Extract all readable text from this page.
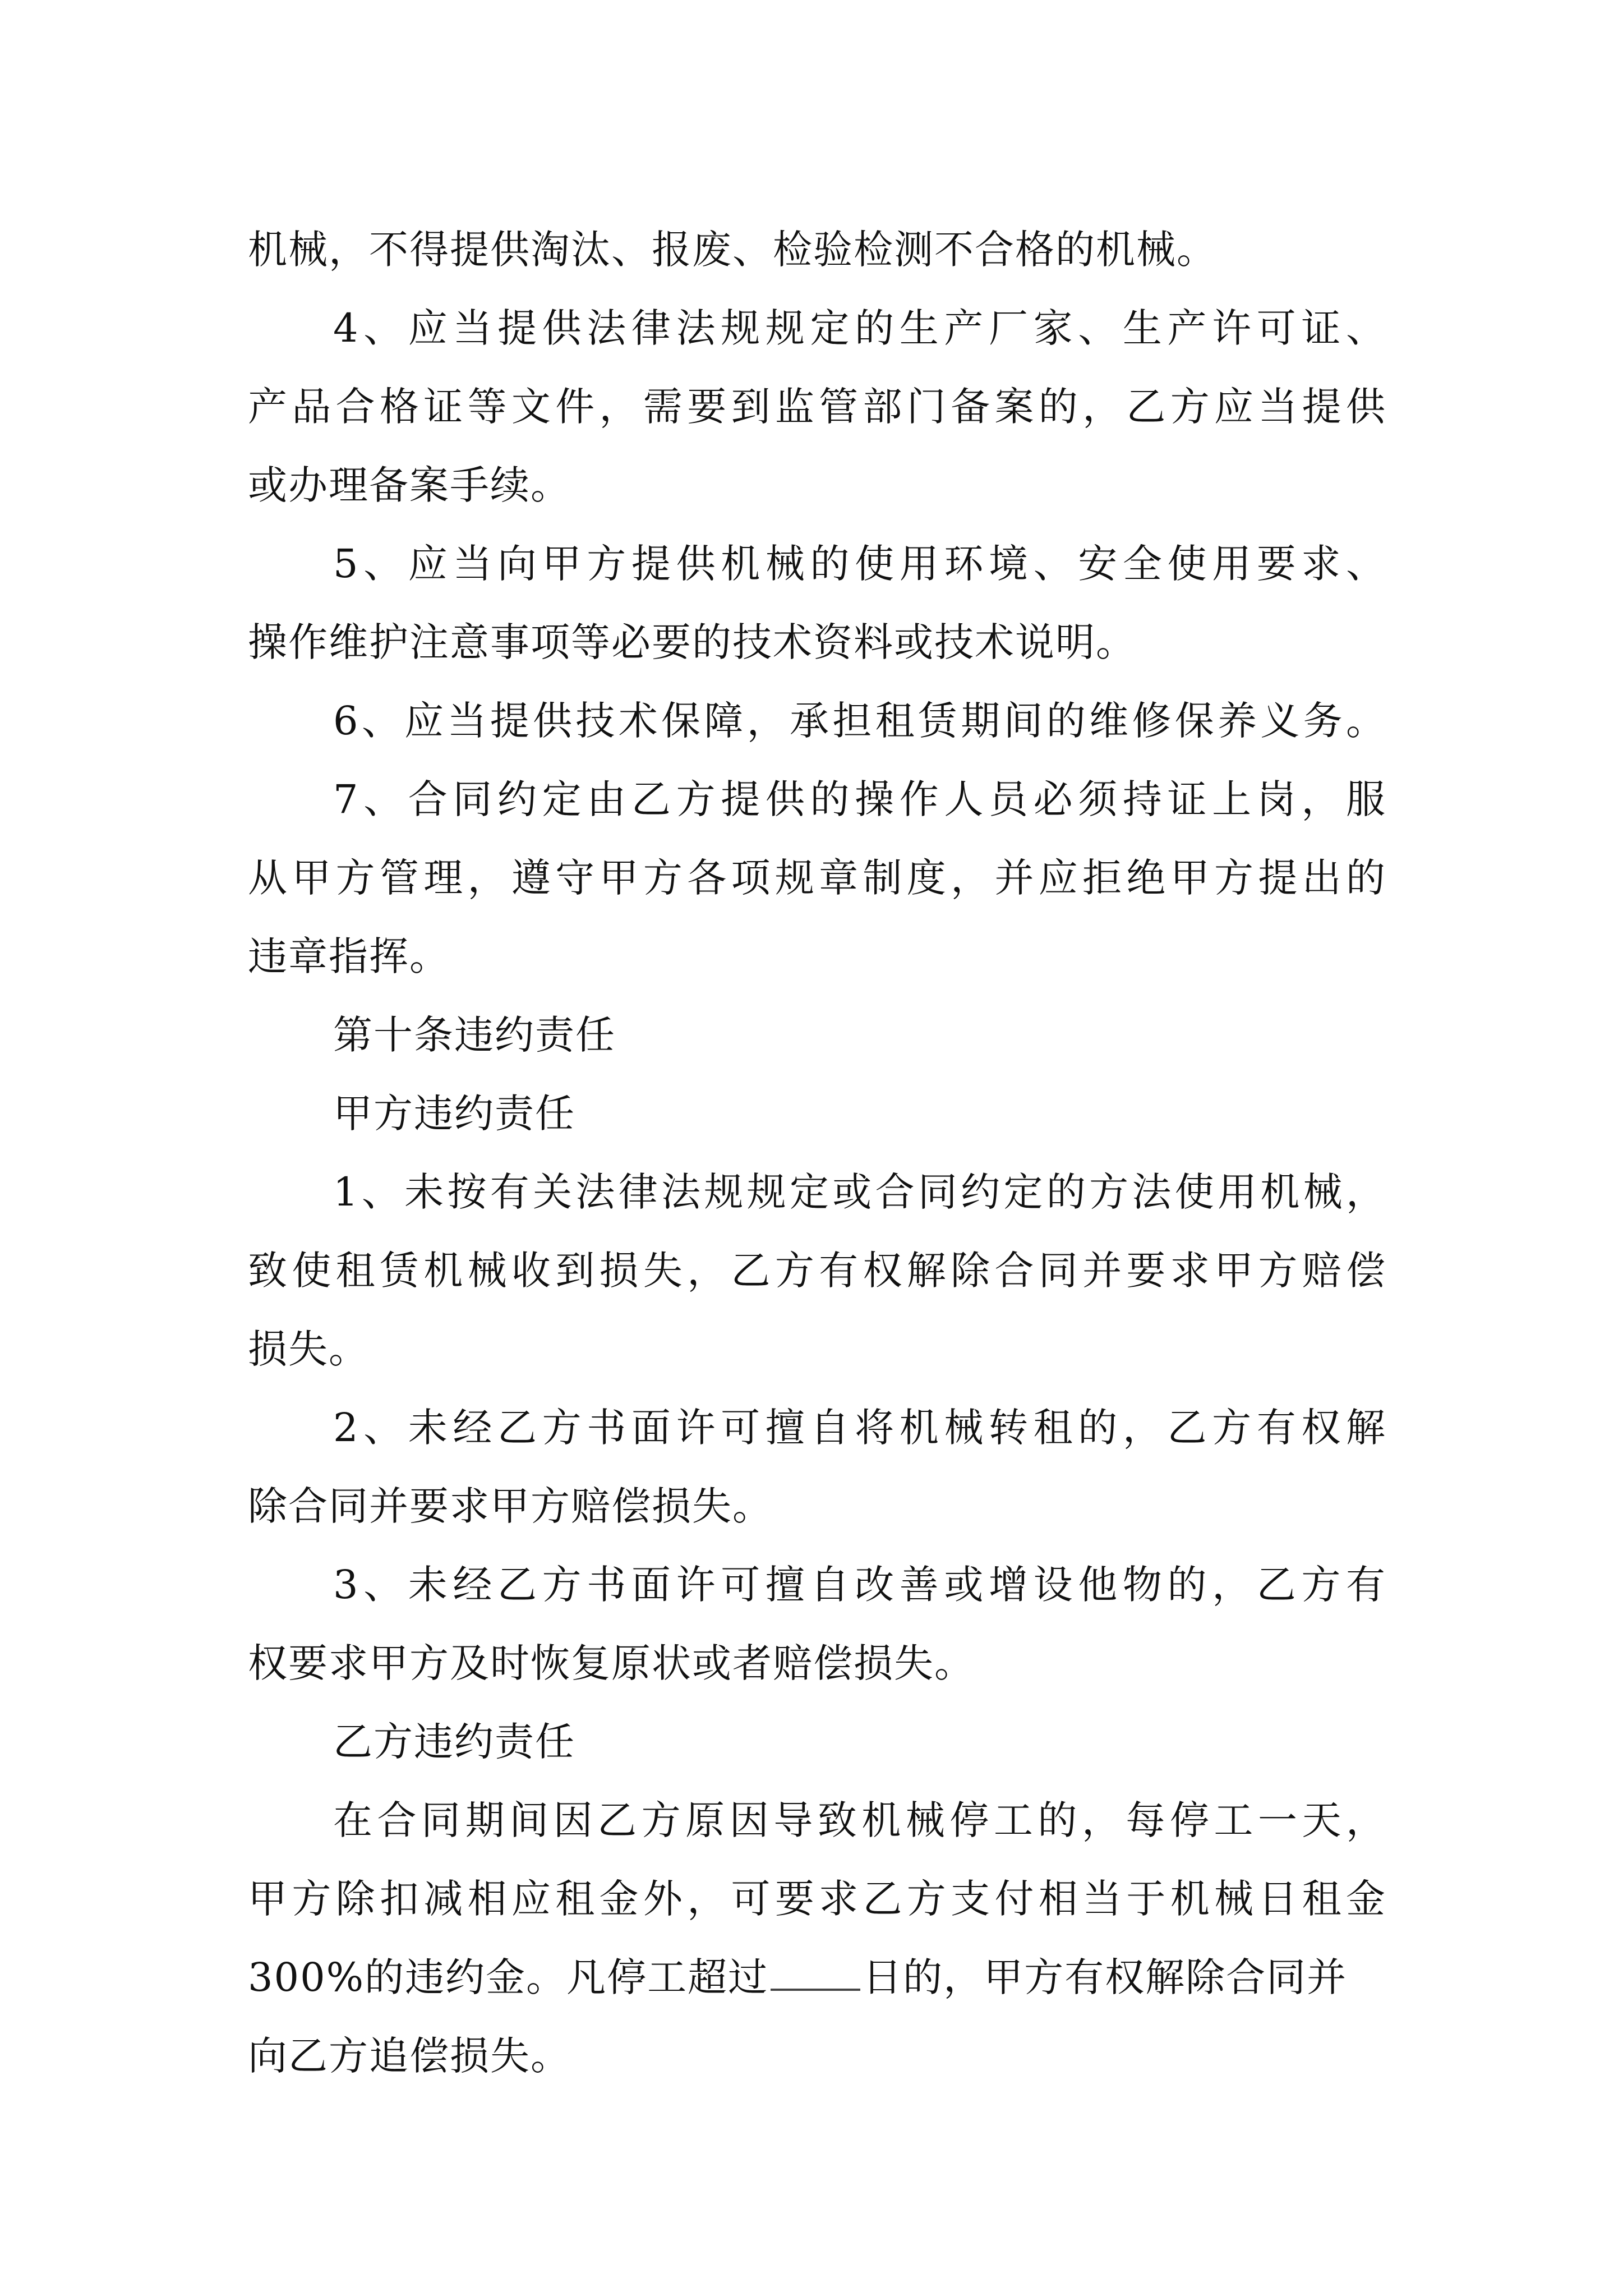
机械，不得提供淘汰、报废、检验检测不合格的机械。
4、应当提供法律法规规定的生产厂家、生产许可证、
产品合格证等文件，需要到监管部门备案的，乙方应当提供
或办理备案手续。
5、应当向甲方提供机械的使用环境、安全使用要求、
操作维护注意事项等必要的技术资料或技术说明。
6、应当提供技术保障，承担租赁期间的维修保养义务。
7、合同约定由乙方提供的操作人员必须持证上岗，服
从甲方管理，遵守甲方各项规章制度，并应拒绝甲方提出的
违章指挥。
第十条违约责任
甲方违约责任
1、未按有关法律法规规定或合同约定的方法使用机械，
致使租赁机械收到损失，乙方有权解除合同并要求甲方赔偿
损失。
2、未经乙方书面许可擅自将机械转租的，乙方有权解
除合同并要求甲方赔偿损失。
3、未经乙方书面许可擅自改善或增设他物的，乙方有
权要求甲方及时恢复原状或者赔偿损失。
乙方违约责任
在合同期间因乙方原因导致机械停工的，每停工一天，
甲方除扣减相应租金外，可要求乙方支付相当于机械日租金
300%的违约金。凡停工超过 日的，甲方有权解除合同并
向乙方追偿损失。
